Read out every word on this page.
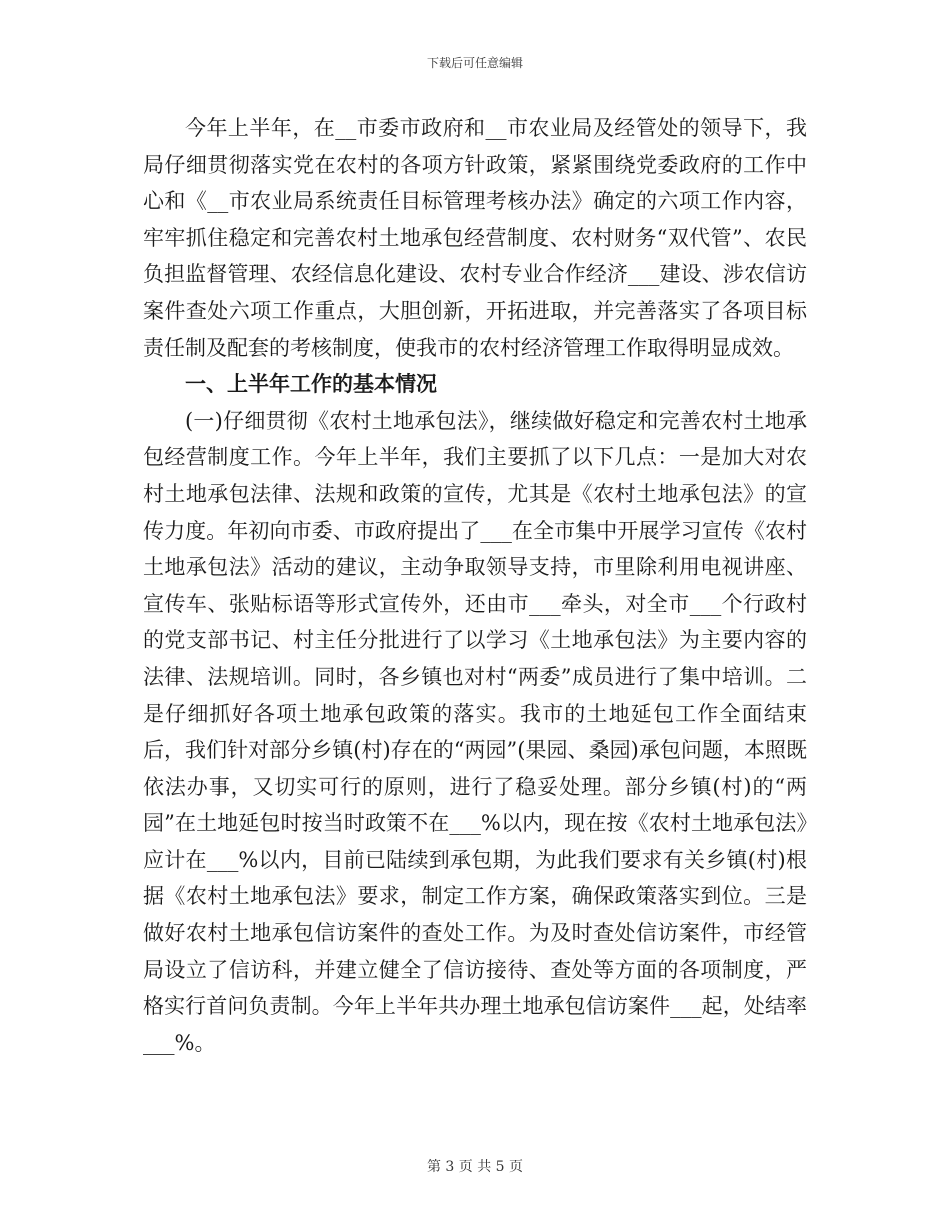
下载后可任意编辑

今年上半年，在__市委市政府和__市农业局及经管处的领导下，我局仔细贯彻落实党在农村的各项方针政策，紧紧围绕党委政府的工作中心和《__市农业局系统责任目标管理考核办法》确定的六项工作内容，牢牢抓住稳定和完善农村土地承包经营制度、农村财务“双代管”、农民负担监督管理、农经信息化建设、农村专业合作经济___建设、涉农信访案件查处六项工作重点，大胆创新，开拓进取，并完善落实了各项目标责任制及配套的考核制度，使我市的农村经济管理工作取得明显成效。

一、上半年工作的基本情况

(一)仔细贯彻《农村土地承包法》，继续做好稳定和完善农村土地承包经营制度工作。今年上半年，我们主要抓了以下几点：一是加大对农村土地承包法律、法规和政策的宣传，尤其是《农村土地承包法》的宣传力度。年初向市委、市政府提出了___在全市集中开展学习宣传《农村土地承包法》活动的建议，主动争取领导支持，市里除利用电视讲座、宣传车、张贴标语等形式宣传外，还由市___牵头，对全市___个行政村的党支部书记、村主任分批进行了以学习《土地承包法》为主要内容的法律、法规培训。同时，各乡镇也对村“两委”成员进行了集中培训。二是仔细抓好各项土地承包政策的落实。我市的土地延包工作全面结束后，我们针对部分乡镇(村)存在的“两园”(果园、桑园)承包问题，本照既依法办事，又切实可行的原则，进行了稳妥处理。部分乡镇(村)的“两园”在土地延包时按当时政策不在___%以内，现在按《农村土地承包法》应计在___%以内，目前已陆续到承包期，为此我们要求有关乡镇(村)根据《农村土地承包法》要求，制定工作方案，确保政策落实到位。三是做好农村土地承包信访案件的查处工作。为及时查处信访案件，市经管局设立了信访科，并建立健全了信访接待、查处等方面的各项制度，严格实行首问负责制。今年上半年共办理土地承包信访案件___起，处结率___%。

第 3 页 共 5 页
